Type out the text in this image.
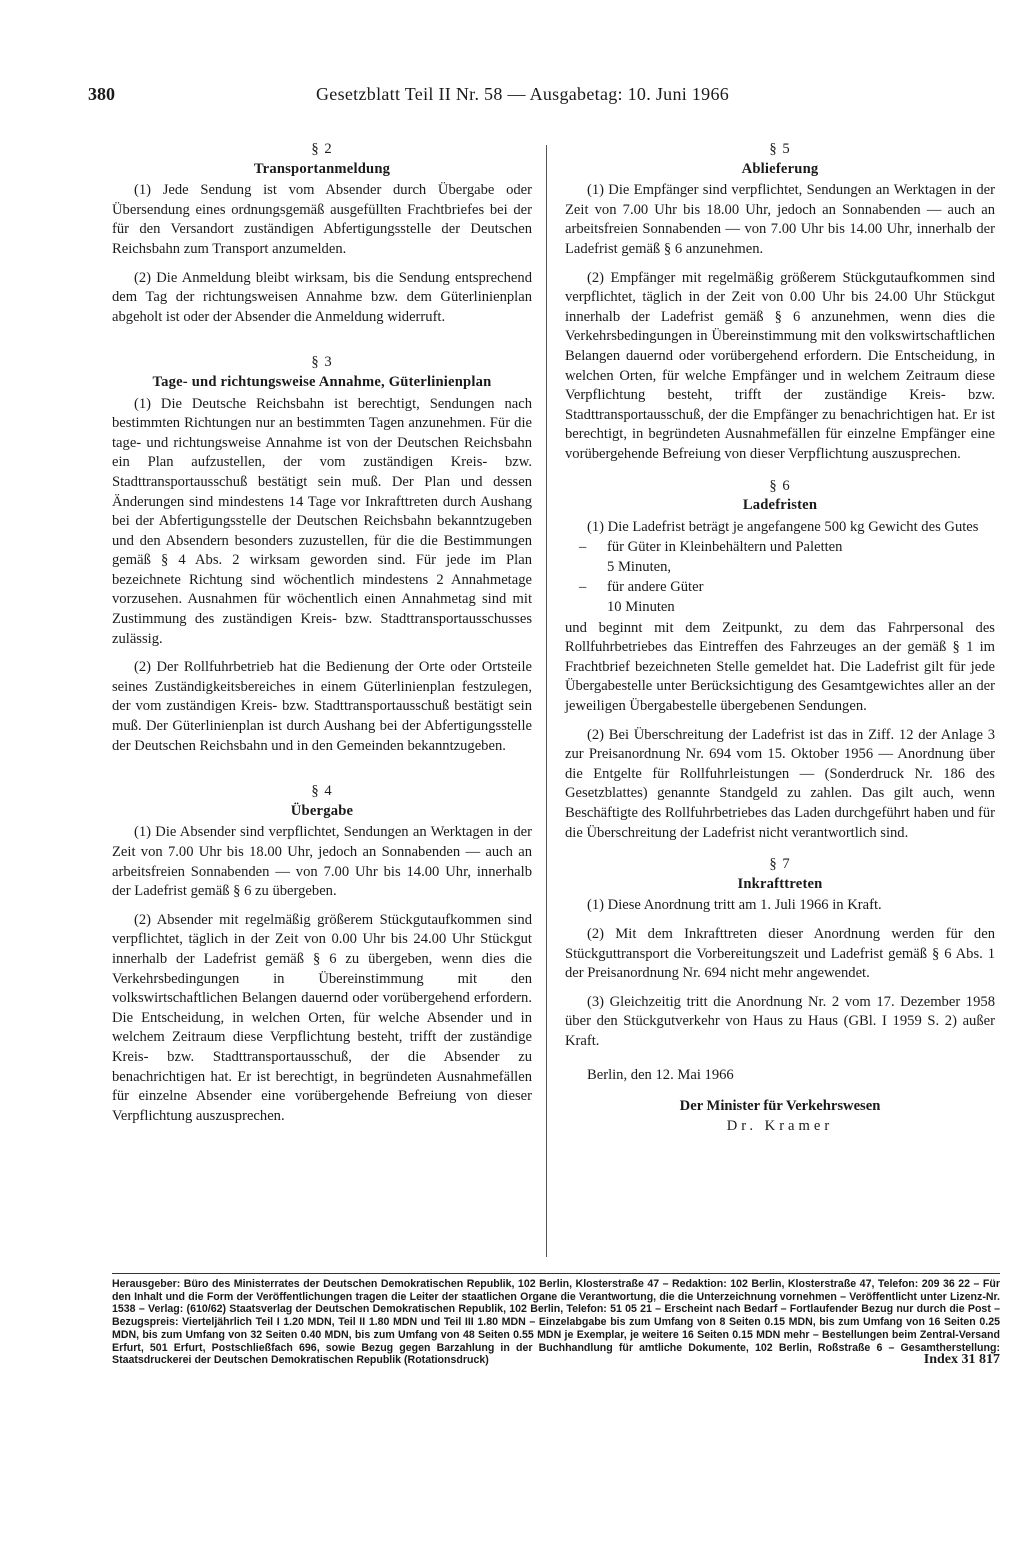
380	Gesetzblatt Teil II Nr. 58 — Ausgabetag: 10. Juni 1966
§ 2
Transportanmeldung

(1) Jede Sendung ist vom Absender durch Übergabe oder Übersendung eines ordnungsgemäß ausgefüllten Frachtbriefes bei der für den Versandort zuständigen Abfertigungsstelle der Deutschen Reichsbahn zum Transport anzumelden.

(2) Die Anmeldung bleibt wirksam, bis die Sendung entsprechend dem Tag der richtungsweisen Annahme bzw. dem Güterlinienplan abgeholt ist oder der Absender die Anmeldung widerruft.

§ 3
Tage- und richtungsweise Annahme, Güterlinienplan

(1) Die Deutsche Reichsbahn ist berechtigt, Sendungen nach bestimmten Richtungen nur an bestimmten Tagen anzunehmen. Für die tage- und richtungsweise Annahme ist von der Deutschen Reichsbahn ein Plan aufzustellen, der vom zuständigen Kreis- bzw. Stadttransportausschuß bestätigt sein muß. Der Plan und dessen Änderungen sind mindestens 14 Tage vor Inkrafttreten durch Aushang bei der Abfertigungsstelle der Deutschen Reichsbahn bekanntzugeben und den Absendern besonders zuzustellen, für die die Bestimmungen gemäß § 4 Abs. 2 wirksam geworden sind. Für jede im Plan bezeichnete Richtung sind wöchentlich mindestens 2 Annahmetage vorzusehen. Ausnahmen für wöchentlich einen Annahmetag sind mit Zustimmung des zuständigen Kreis- bzw. Stadttransportausschusses zulässig.

(2) Der Rollfuhrbetrieb hat die Bedienung der Orte oder Ortsteile seines Zuständigkeitsbereiches in einem Güterlinienplan festzulegen, der vom zuständigen Kreis- bzw. Stadttransportausschuß bestätigt sein muß. Der Güterlinienplan ist durch Aushang bei der Abfertigungsstelle der Deutschen Reichsbahn und in den Gemeinden bekanntzugeben.

§ 4
Übergabe

(1) Die Absender sind verpflichtet, Sendungen an Werktagen in der Zeit von 7.00 Uhr bis 18.00 Uhr, jedoch an Sonnabenden — auch an arbeitsfreien Sonnabenden — von 7.00 Uhr bis 14.00 Uhr, innerhalb der Ladefrist gemäß § 6 zu übergeben.

(2) Absender mit regelmäßig größerem Stückgutaufkommen sind verpflichtet, täglich in der Zeit von 0.00 Uhr bis 24.00 Uhr Stückgut innerhalb der Ladefrist gemäß § 6 zu übergeben, wenn dies die Verkehrsbedingungen in Übereinstimmung mit den volkswirtschaftlichen Belangen dauernd oder vorübergehend erfordern. Die Entscheidung, in welchen Orten, für welche Absender und in welchem Zeitraum diese Verpflichtung besteht, trifft der zuständige Kreis- bzw. Stadttransportausschuß, der die Absender zu benachrichtigen hat. Er ist berechtigt, in begründeten Ausnahmefällen für einzelne Absender eine vorübergehende Befreiung von dieser Verpflichtung auszusprechen.

§ 5
Ablieferung

(1) Die Empfänger sind verpflichtet, Sendungen an Werktagen in der Zeit von 7.00 Uhr bis 18.00 Uhr, jedoch an Sonnabenden — auch an arbeitsfreien Sonnabenden — von 7.00 Uhr bis 14.00 Uhr, innerhalb der Ladefrist gemäß § 6 anzunehmen.

(2) Empfänger mit regelmäßig größerem Stückgutaufkommen sind verpflichtet, täglich in der Zeit von 0.00 Uhr bis 24.00 Uhr Stückgut innerhalb der Ladefrist gemäß § 6 anzunehmen, wenn dies die Verkehrsbedingungen in Übereinstimmung mit den volkswirtschaftlichen Belangen dauernd oder vorübergehend erfordern. Die Entscheidung, in welchen Orten, für welche Empfänger und in welchem Zeitraum diese Verpflichtung besteht, trifft der zuständige Kreis- bzw. Stadttransportausschuß, der die Empfänger zu benachrichtigen hat. Er ist berechtigt, in begründeten Ausnahmefällen für einzelne Empfänger eine vorübergehende Befreiung von dieser Verpflichtung auszusprechen.

§ 6
Ladefristen

(1) Die Ladefrist beträgt je angefangene 500 kg Gewicht des Gutes

– für Güter in Kleinbehältern und Paletten
5 Minuten,
– für andere Güter
10 Minuten

und beginnt mit dem Zeitpunkt, zu dem das Fahrpersonal des Rollfuhrbetriebes das Eintreffen des Fahrzeuges an der gemäß § 1 im Frachtbrief bezeichneten Stelle gemeldet hat. Die Ladefrist gilt für jede Übergabestelle unter Berücksichtigung des Gesamtgewichtes aller an der jeweiligen Übergabestelle übergebenen Sendungen.

(2) Bei Überschreitung der Ladefrist ist das in Ziff. 12 der Anlage 3 zur Preisanordnung Nr. 694 vom 15. Oktober 1956 — Anordnung über die Entgelte für Rollfuhrleistungen — (Sonderdruck Nr. 186 des Gesetzblattes) genannte Standgeld zu zahlen. Das gilt auch, wenn Beschäftigte des Rollfuhrbetriebes das Laden durchgeführt haben und für die Überschreitung der Ladefrist nicht verantwortlich sind.

§ 7
Inkrafttreten

(1) Diese Anordnung tritt am 1. Juli 1966 in Kraft.

(2) Mit dem Inkrafttreten dieser Anordnung werden für den Stückguttransport die Vorbereitungszeit und Ladefrist gemäß § 6 Abs. 1 der Preisanordnung Nr. 694 nicht mehr angewendet.

(3) Gleichzeitig tritt die Anordnung Nr. 2 vom 17. Dezember 1958 über den Stückgutverkehr von Haus zu Haus (GBl. I 1959 S. 2) außer Kraft.

Berlin, den 12. Mai 1966
Der Minister für Verkehrswesen
Dr. Kramer
Herausgeber: Büro des Ministerrates der Deutschen Demokratischen Republik, 102 Berlin, Klosterstraße 47 – Redaktion: 102 Berlin, Klosterstraße 47, Telefon: 209 36 22 – Für den Inhalt und die Form der Veröffentlichungen tragen die Leiter der staatlichen Organe die Verantwortung, die die Unterzeichnung vornehmen – Veröffentlicht unter Lizenz-Nr. 1538 – Verlag: (610/62) Staatsverlag der Deutschen Demokratischen Republik, 102 Berlin, Telefon: 51 05 21 – Erscheint nach Bedarf – Fortlaufender Bezug nur durch die Post – Bezugspreis: Vierteljährlich Teil I 1.20 MDN, Teil II 1.80 MDN und Teil III 1.80 MDN – Einzelabgabe bis zum Umfang von 8 Seiten 0.15 MDN, bis zum Umfang von 16 Seiten 0.25 MDN, bis zum Umfang von 32 Seiten 0.40 MDN, bis zum Umfang von 48 Seiten 0.55 MDN je Exemplar, je weitere 16 Seiten 0.15 MDN mehr – Bestellungen beim Zentral-Versand Erfurt, 501 Erfurt, Postschließfach 696, sowie Bezug gegen Barzahlung in der Buchhandlung für amtliche Dokumente, 102 Berlin, Roßstraße 6 – Gesamtherstellung: Staatsdruckerei der Deutschen Demokratischen Republik (Rotationsdruck)	Index 31 817
